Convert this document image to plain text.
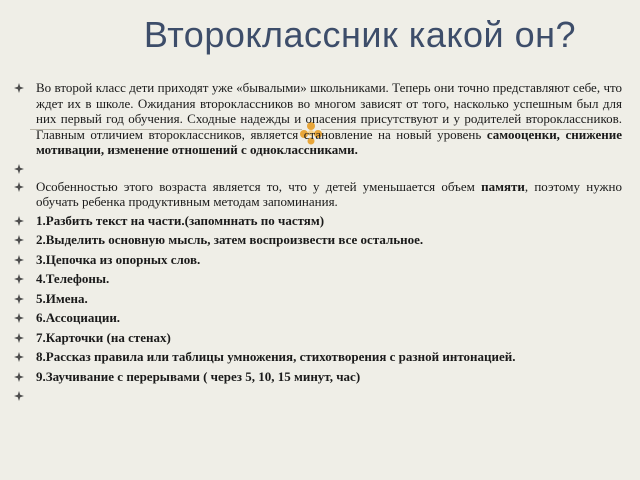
Второклассник какой он?
Во второй класс дети приходят уже «бывалыми» школьниками. Теперь они точно представляют себе, что ждет их в школе. Ожидания второклассников во многом зависят от того, насколько успешным был для них первый год обучения. Сходные надежды и опасения присутствуют и у родителей второклассников. Главным отличием второклассников, является становление на новый уровень самооценки, снижение мотивации, изменение отношений с одноклассниками.
Особенностью этого возраста является то, что у детей уменьшается объем памяти, поэтому нужно обучать ребенка продуктивным методам запоминания.
1.Разбить текст на части.(запомннать по частям)
2.Выделить основную мысль, затем воспроизвести все остальное.
3.Цепочка из опорных слов.
4.Телефоны.
5.Имена.
6.Ассоциации.
7.Карточки (на стенах)
8.Рассказ правила или таблицы умножения, стихотворения с разной интонацией.
9.Заучивание с перерывами ( через 5, 10, 15 минут, час)
